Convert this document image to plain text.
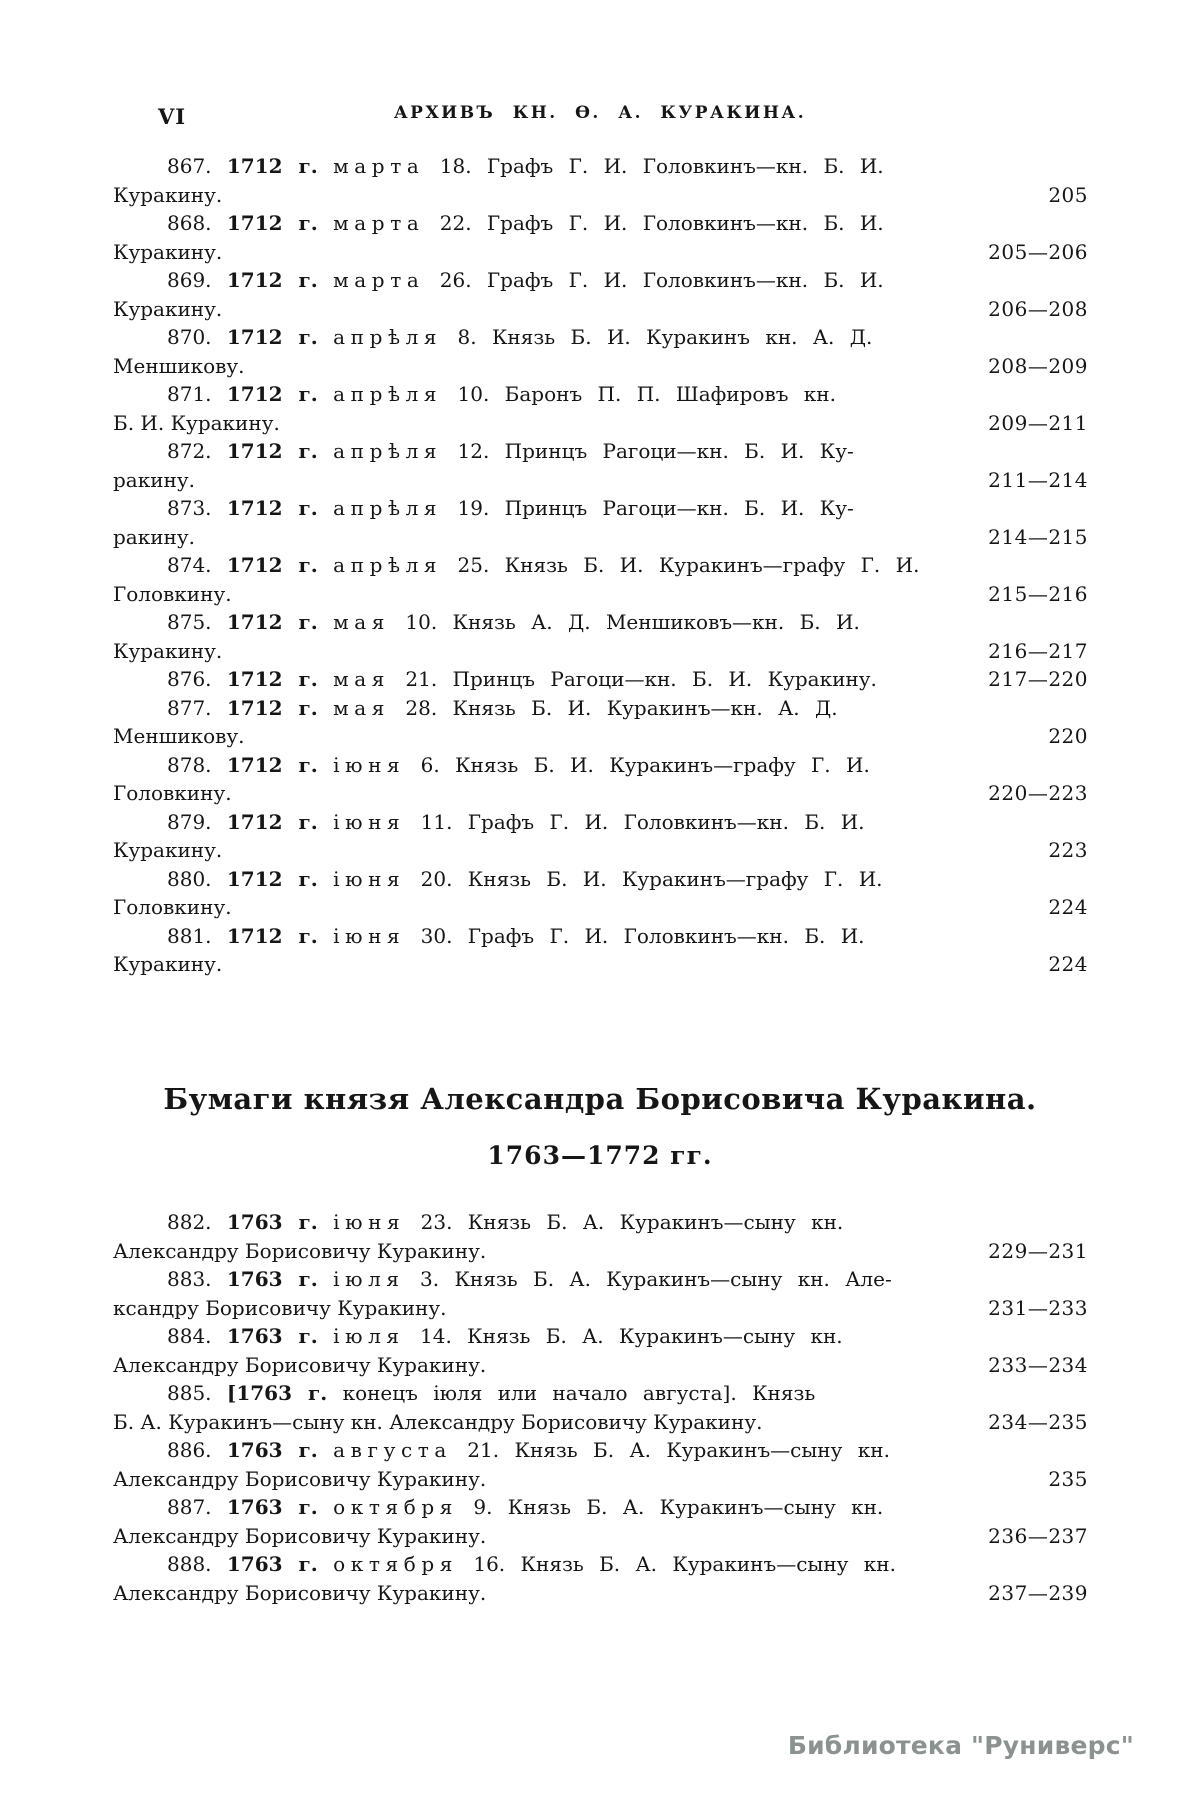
VI	АРХИВЪ КН. Ѳ. А. КУРАКИНА.
867. 1712 г. марта 18. Графъ Г. И. Головкинъ—кн. Б. И.
Куракину.	205
868. 1712 г. марта 22. Графъ Г. И. Головкинъ—кн. Б. И.
Куракину.	205—206
869. 1712 г. марта 26. Графъ Г. И. Головкинъ—кн. Б. И.
Куракину.	206—208
870. 1712 г. апрѣля 8. Князь Б. И. Куракинъ кн. А. Д.
Меншикову.	208—209
871. 1712 г. апрѣля 10. Баронъ П. П. Шафировъ кн.
Б. И. Куракину.	209—211
872. 1712 г. апрѣля 12. Принцъ Рагоци—кн. Б. И. Ку-
ракину.	211—214
873. 1712 г. апрѣля 19. Принцъ Рагоци—кн. Б. И. Ку-
ракину.	214—215
874. 1712 г. апрѣля 25. Князь Б. И. Куракинъ—графу Г. И.
Головкину.	215—216
875. 1712 г. мая 10. Князь А. Д. Меншиковъ—кн. Б. И.
Куракину.	216—217
876. 1712 г. мая 21. Принцъ Рагоци—кн. Б. И. Куракину.	217—220
877. 1712 г. мая 28. Князь Б. И. Куракинъ—кн. А. Д.
Меншикову.	220
878. 1712 г. іюня 6. Князь Б. И. Куракинъ—графу Г. И.
Головкину.	220—223
879. 1712 г. іюня 11. Графъ Г. И. Головкинъ—кн. Б. И.
Куракину.	223
880. 1712 г. іюня 20. Князь Б. И. Куракинъ—графу Г. И.
Головкину.	224
881. 1712 г. іюня 30. Графъ Г. И. Головкинъ—кн. Б. И.
Куракину.	224
Бумаги князя Александра Борисовича Куракина.
1763—1772 гг.
882. 1763 г. іюня 23. Князь Б. А. Куракинъ—сыну кн.
Александру Борисовичу Куракину.	229—231
883. 1763 г. іюля 3. Князь Б. А. Куракинъ—сыну кн. Але-
ксандру Борисовичу Куракину.	231—233
884. 1763 г. іюля 14. Князь Б. А. Куракинъ—сыну кн.
Александру Борисовичу Куракину.	233—234
885. [1763 г. конецъ іюля или начало августа]. Князь
Б. А. Куракинъ—сыну кн. Александру Борисовичу Куракину.	234—235
886. 1763 г. августа 21. Князь Б. А. Куракинъ—сыну кн.
Александру Борисовичу Куракину.	235
887. 1763 г. октября 9. Князь Б. А. Куракинъ—сыну кн.
Александру Борисовичу Куракину.	236—237
888. 1763 г. октября 16. Князь Б. А. Куракинъ—сыну кн.
Александру Борисовичу Куракину.	237—239
Библиотека "Руниверс"
